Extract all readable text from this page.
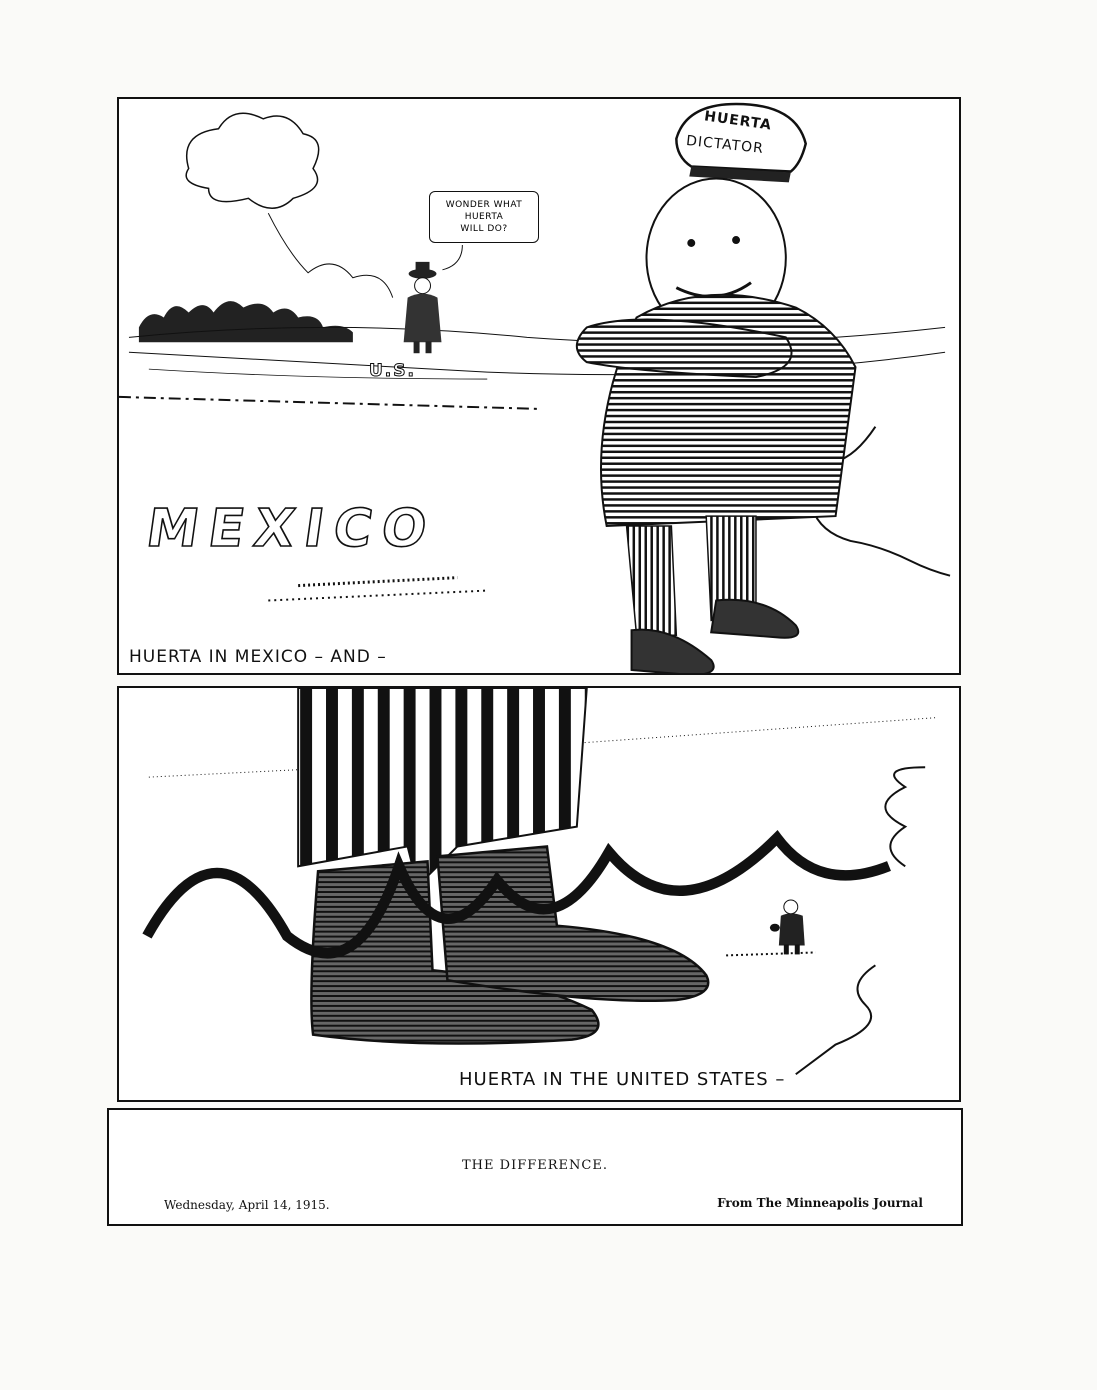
WONDER WHAT
HUERTA
WILL DO?
HUERTA
DICTATOR
U.S.
MEXICO
HUERTA IN MEXICO – AND –
HUERTA IN THE UNITED STATES –
THE DIFFERENCE.
Wednesday, April 14, 1915.	From The Minneapolis Journal
